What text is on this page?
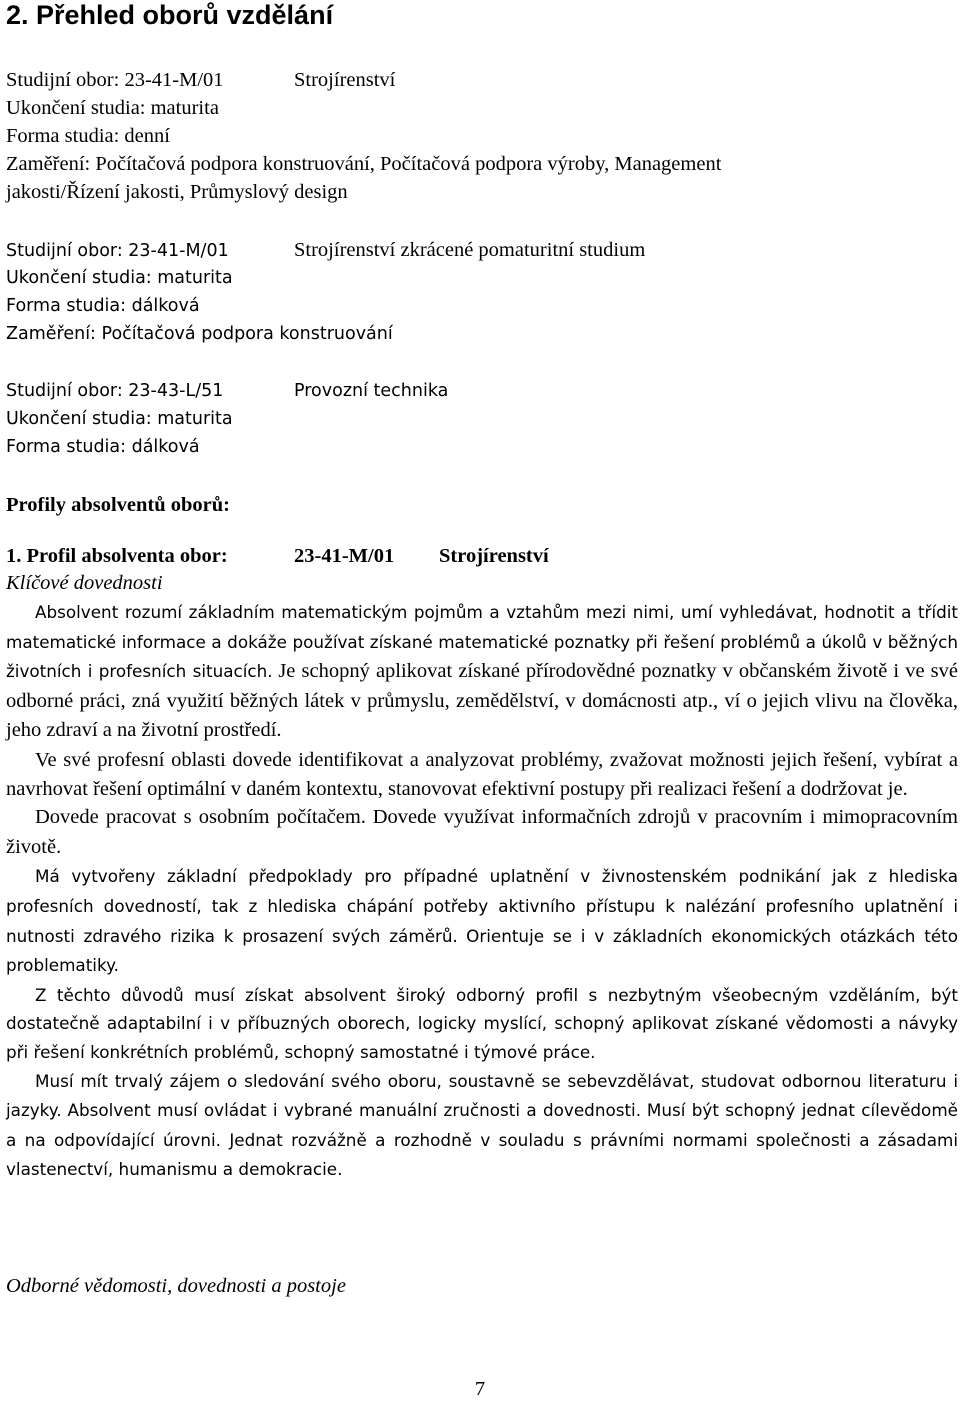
2. Přehled oborů vzdělání
Studijní obor: 23-41-M/01	Strojírenství
Ukončení studia: maturita
Forma studia: denní
Zaměření: Počítačová podpora konstruování, Počítačová podpora výroby, Management
jakosti/Řízení jakosti, Průmyslový design
Studijní obor: 23-41-M/01	Strojírenství zkrácené pomaturitní studium
Ukončení studia: maturita
Forma studia: dálková
Zaměření: Počítačová podpora konstruování
Studijní obor: 23-43-L/51	Provozní technika
Ukončení studia: maturita
Forma studia: dálková
Profily absolventů oborů:
1. Profil absolventa obor:	23-41-M/01 Strojírenství
Klíčové dovednosti

Absolvent rozumí základním matematickým pojmům a vztahům mezi nimi, umí vyhledávat, hodnotit a třídit matematické informace a dokáže používat získané matematické poznatky při řešení problémů a úkolů v běžných životních i profesních situacích. Je schopný aplikovat získané přírodovědné poznatky v občanském životě i ve své odborné práci, zná využití běžných látek v průmyslu, zemědělství, v domácnosti atp., ví o jejich vlivu na člověka, jeho zdraví a na životní prostředí.

Ve své profesní oblasti dovede identifikovat a analyzovat problémy, zvažovat možnosti jejich řešení, vybírat a navrhovat řešení optimální v daném kontextu, stanovovat efektivní postupy při realizaci řešení a dodržovat je.

Dovede pracovat s osobním počítačem. Dovede využívat informačních zdrojů v pracovním i mimopracovním životě.

Má vytvořeny základní předpoklady pro případné uplatnění v živnostenském podnikání jak z hlediska profesních dovedností, tak z hlediska chápání potřeby aktivního přístupu k nalézání profesního uplatnění i nutnosti zdravého rizika k prosazení svých záměrů. Orientuje se i v základních ekonomických otázkách této problematiky.

Z těchto důvodů musí získat absolvent široký odborný profil s nezbytným všeobecným vzděláním, být dostatečně adaptabilní i v příbuzných oborech, logicky myslící, schopný aplikovat získané vědomosti a návyky při řešení konkrétních problémů, schopný samostatné i týmové práce.

Musí mít trvalý zájem o sledování svého oboru, soustavně se sebevzdělávat, studovat odbornou literaturu i jazyky. Absolvent musí ovládat i vybrané manuální zručnosti a dovednosti. Musí být schopný jednat cílevědomě a na odpovídající úrovni. Jednat rozvážně a rozhodně v souladu s právními normami společnosti a zásadami vlastenectví, humanismu a demokracie.

Odborné vědomosti, dovednosti a postoje
7
